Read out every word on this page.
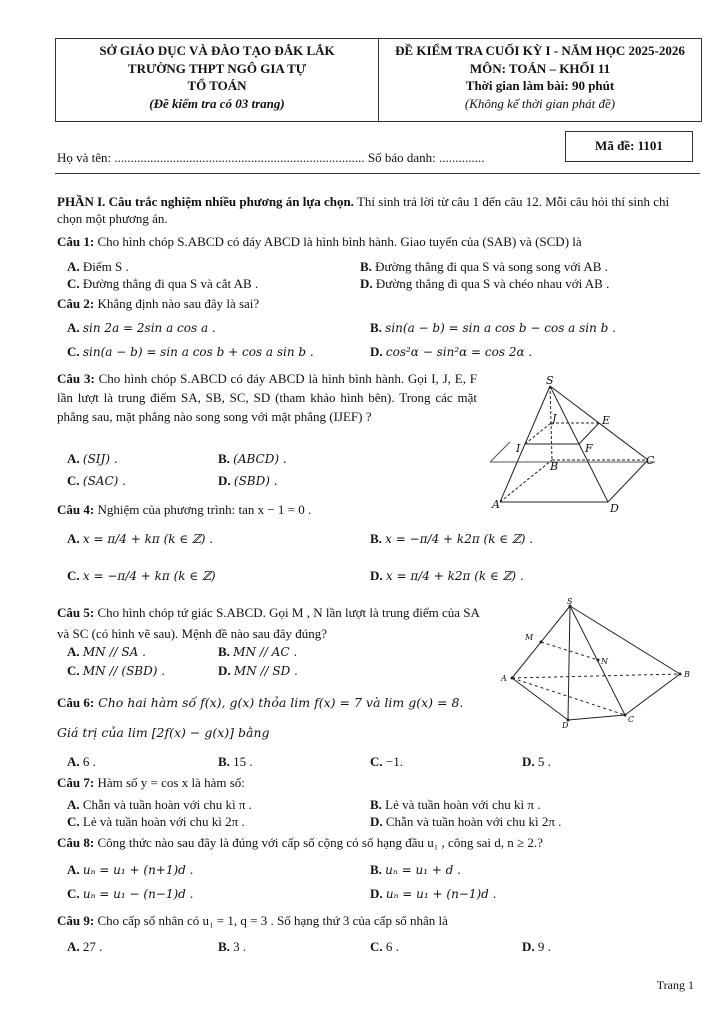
SỞ GIÁO DỤC VÀ ĐÀO TẠO ĐẮK LẮK
TRƯỜNG THPT NGÔ GIA TỰ
TỔ TOÁN
(Đề kiểm tra có 03 trang)
ĐỀ KIỂM TRA CUỐI KỲ I - NĂM HỌC 2025-2026
MÔN: TOÁN – KHỐI 11
Thời gian làm bài: 90 phút
(Không kể thời gian phát đề)
Mã đề: 1101
Họ và tên: ............................................................................. Số báo danh: ..............
PHẦN I. Câu trắc nghiệm nhiều phương án lựa chọn. Thí sinh trả lời từ câu 1 đến câu 12. Mỗi câu hỏi thí sinh chỉ chọn một phương án.
Câu 1: Cho hình chóp S.ABCD có đáy ABCD là hình bình hành. Giao tuyến của (SAB) và (SCD) là
A. Điểm S .	B. Đường thẳng đi qua S và song song với AB .
C. Đường thẳng đi qua S và cắt AB .	D. Đường thẳng đi qua S và chéo nhau với AB .
Câu 2: Khẳng định nào sau đây là sai?
A. sin 2a = 2sin a cos a .	B. sin(a − b) = sin a cos b − cos a sin b .
C. sin(a − b) = sin a cos b + cos a sin b .	D. cos²α − sin²α = cos 2α .
Câu 3: Cho hình chóp S.ABCD có đáy ABCD là hình bình hành. Gọi I, J, E, F lần lượt là trung điểm SA, SB, SC, SD (tham khảo hình bên). Trong các mặt phẳng sau, mặt phẳng nào song song với mặt phẳng (IJEF) ?
A. (SIJ) .	B. (ABCD) .
C. (SAC) .	D. (SBD) .
S
I
J	E
F
A
B	C
D
Câu 4: Nghiệm của phương trình: tan x − 1 = 0 .
A. x = π/4 + kπ (k ∈ ℤ) .	B. x = −π/4 + k2π (k ∈ ℤ) .
C. x = −π/4 + kπ (k ∈ ℤ)	D. x = π/4 + k2π (k ∈ ℤ) .
Câu 5: Cho hình chóp tứ giác S.ABCD. Gọi M , N lần lượt là trung điểm của SA và SC (có hình vẽ sau). Mệnh đề nào sau đây đúng?
A. MN // SA .	B. MN // AC .
C. MN // (SBD) .	D. MN // SD .
S
M
N
A	B
C
D
Câu 6: Cho hai hàm số f(x), g(x) thỏa lim f(x) = 7 và lim g(x) = 8. Giá trị của lim [2f(x) − g(x)] bằng
A. 6 .	B. 15 .	C. −1.	D. 5 .
Câu 7: Hàm số y = cos x là hàm số:
A. Chẵn và tuần hoàn với chu kì π .	B. Lẻ và tuần hoàn với chu kì π .
C. Lẻ và tuần hoàn với chu kì 2π .	D. Chẵn và tuần hoàn với chu kì 2π .
Câu 8: Công thức nào sau đây là đúng với cấp số cộng có số hạng đầu u₁ , công sai d, n ≥ 2.?
A. uₙ = u₁ + (n+1)d .	B. uₙ = u₁ + d .
C. uₙ = u₁ − (n−1)d .	D. uₙ = u₁ + (n−1)d .
Câu 9: Cho cấp số nhân có u₁ = 1, q = 3 . Số hạng thứ 3 của cấp số nhân là
A. 27 .	B. 3 .	C. 6 .	D. 9 .
Trang 1
